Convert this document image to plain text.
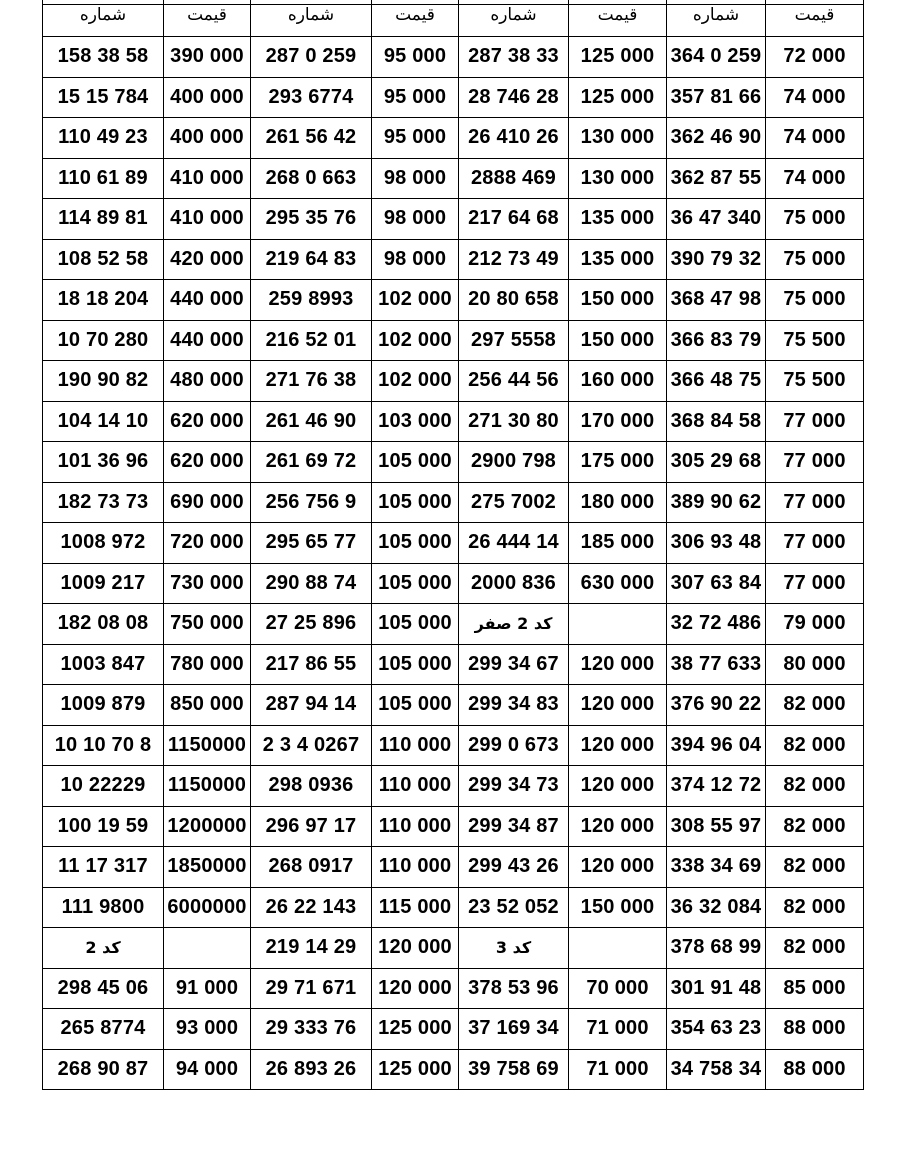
شماره	قيمت	شماره	قيمت	شماره	قيمت	شماره	قيمت
158 38 58	390 000	287 0 259	95 000	287 38 33	125 000	364 0 259	72 000
15 15 784	400 000	293 6774	95 000	28 746 28	125 000	357 81 66	74 000
110 49 23	400 000	261 56 42	95 000	26 410 26	130 000	362 46 90	74 000
110 61 89	410 000	268 0 663	98 000	2888 469	130 000	362 87 55	74 000
114 89 81	410 000	295 35 76	98 000	217 64 68	135 000	36 47 340	75 000
108 52 58	420 000	219 64 83	98 000	212 73 49	135 000	390 79 32	75 000
18 18 204	440 000	259 8993	102 000	20 80 658	150 000	368 47 98	75 000
10 70 280	440 000	216 52 01	102 000	297 5558	150 000	366 83 79	75 500
190 90 82	480 000	271 76 38	102 000	256 44 56	160 000	366 48 75	75 500
104 14 10	620 000	261 46 90	103 000	271 30 80	170 000	368 84 58	77 000
101 36 96	620 000	261 69 72	105 000	2900 798	175 000	305 29 68	77 000
182 73 73	690 000	256 756 9	105 000	275 7002	180 000	389 90 62	77 000
1008 972	720 000	295 65 77	105 000	26 444 14	185 000	306 93 48	77 000
1009 217	730 000	290 88 74	105 000	2000 836	630 000	307 63 84	77 000
182 08 08	750 000	27 25 896	105 000	كد 2 صفر		32 72 486	79 000
1003 847	780 000	217 86 55	105 000	299 34 67	120 000	38 77 633	80 000
1009 879	850 000	287 94 14	105 000	299 34 83	120 000	376 90 22	82 000
10 10 70 8	1150000	2 3 4 0267	110 000	299 0 673	120 000	394 96 04	82 000
10 22229	1150000	298 0936	110 000	299 34 73	120 000	374 12 72	82 000
100 19 59	1200000	296 97 17	110 000	299 34 87	120 000	308 55 97	82 000
11 17 317	1850000	268 0917	110 000	299 43 26	120 000	338 34 69	82 000
111 9800	6000000	26 22 143	115 000	23 52 052	150 000	36 32 084	82 000
كد 2		219 14 29	120 000	كد 3		378 68 99	82 000
298 45 06	91 000	29 71 671	120 000	378 53 96	70 000	301 91 48	85 000
265 8774	93 000	29 333 76	125 000	37 169 34	71 000	354 63 23	88 000
268 90 87	94 000	26 893 26	125 000	39 758 69	71 000	34 758 34	88 000
